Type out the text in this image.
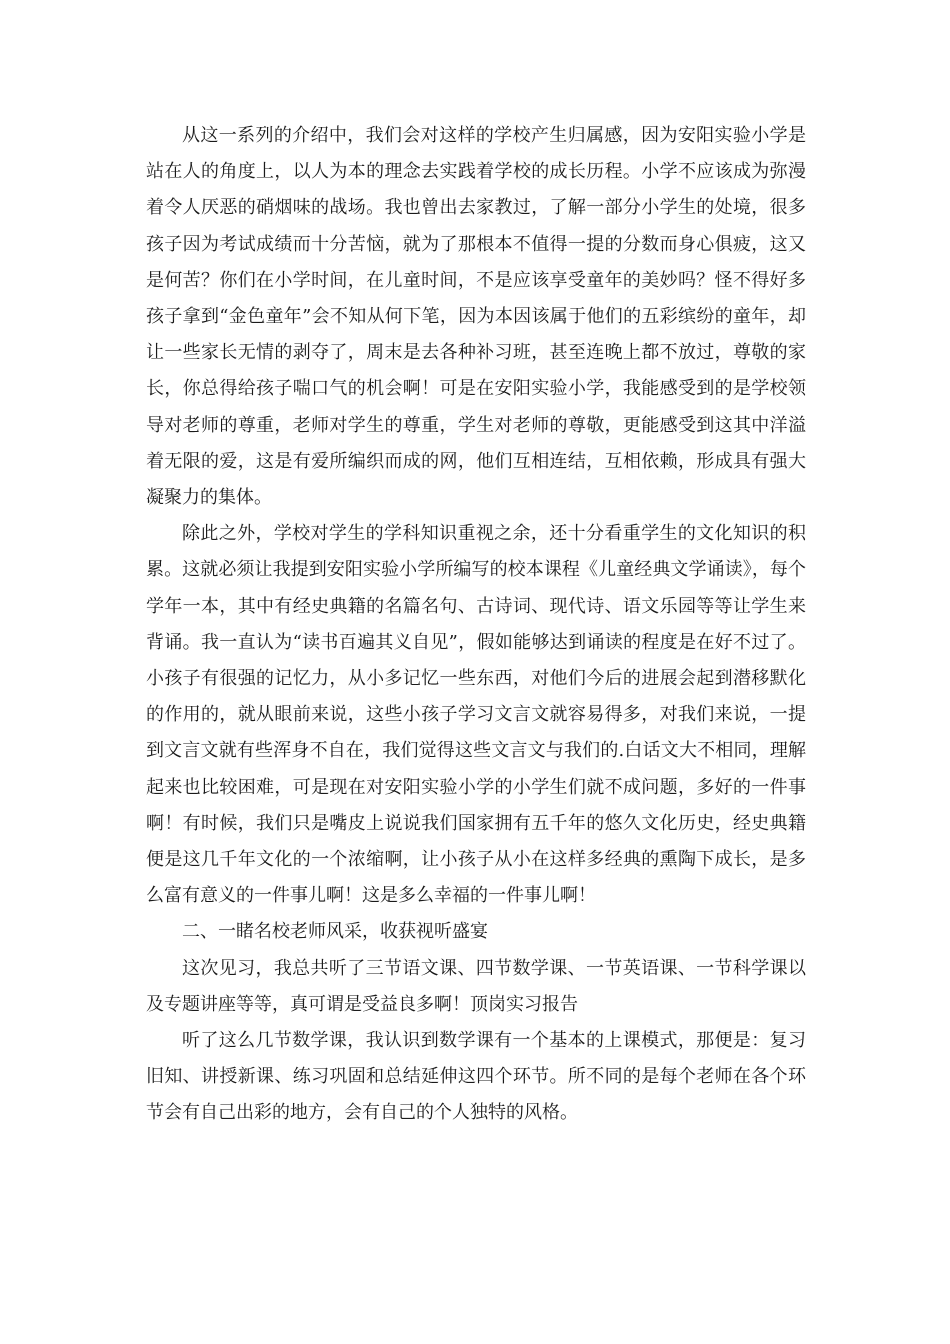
从这一系列的介绍中，我们会对这样的学校产生归属感，因为安阳实验小学是站在人的角度上，以人为本的理念去实践着学校的成长历程。小学不应该成为弥漫着令人厌恶的硝烟味的战场。我也曾出去家教过，了解一部分小学生的处境，很多孩子因为考试成绩而十分苦恼，就为了那根本不值得一提的分数而身心俱疲，这又是何苦？你们在小学时间，在儿童时间，不是应该享受童年的美妙吗？怪不得好多孩子拿到“金色童年”会不知从何下笔，因为本因该属于他们的五彩缤纷的童年，却让一些家长无情的剥夺了，周末是去各种补习班，甚至连晚上都不放过，尊敬的家长，你总得给孩子喘口气的机会啊！可是在安阳实验小学，我能感受到的是学校领导对老师的尊重，老师对学生的尊重，学生对老师的尊敬，更能感受到这其中洋溢着无限的爱，这是有爱所编织而成的网，他们互相连结，互相依赖，形成具有强大凝聚力的集体。

除此之外，学校对学生的学科知识重视之余，还十分看重学生的文化知识的积累。这就必须让我提到安阳实验小学所编写的校本课程《儿童经典文学诵读》，每个学年一本，其中有经史典籍的名篇名句、古诗词、现代诗、语文乐园等等让学生来背诵。我一直认为“读书百遍其义自见”，假如能够达到诵读的程度是在好不过了。小孩子有很强的记忆力，从小多记忆一些东西，对他们今后的进展会起到潜移默化的作用的，就从眼前来说，这些小孩子学习文言文就容易得多，对我们来说，一提到文言文就有些浑身不自在，我们觉得这些文言文与我们的.白话文大不相同，理解起来也比较困难，可是现在对安阳实验小学的小学生们就不成问题，多好的一件事啊！有时候，我们只是嘴皮上说说我们国家拥有五千年的悠久文化历史，经史典籍便是这几千年文化的一个浓缩啊，让小孩子从小在这样多经典的熏陶下成长，是多么富有意义的一件事儿啊！这是多么幸福的一件事儿啊！

二、一睹名校老师风采，收获视听盛宴

这次见习，我总共听了三节语文课、四节数学课、一节英语课、一节科学课以及专题讲座等等，真可谓是受益良多啊！顶岗实习报告

听了这么几节数学课，我认识到数学课有一个基本的上课模式，那便是：复习旧知、讲授新课、练习巩固和总结延伸这四个环节。所不同的是每个老师在各个环节会有自己出彩的地方，会有自己的个人独特的风格。
